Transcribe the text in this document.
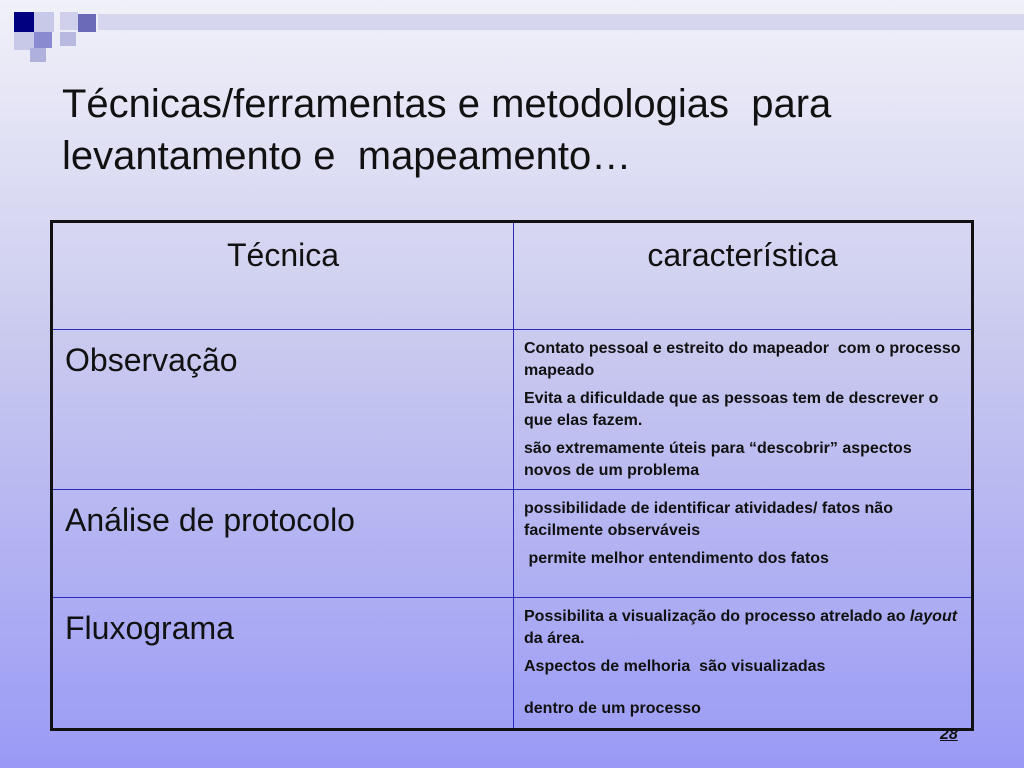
Técnicas/ferramentas e metodologias  para
levantamento e  mapeamento…
Técnica	característica

Observação	Contato pessoal e estreito do mapeador  com o processo mapeado

Evita a dificuldade que as pessoas tem de descrever o que elas fazem.

são extremamente úteis para “descobrir” aspectos novos de um problema

Análise de protocolo	possibilidade de identificar atividades/ fatos não facilmente observáveis

permite melhor entendimento dos fatos

Fluxograma	Possibilita a visualização do processo atrelado ao layout da área.

Aspectos de melhoria  são visualizadas

dentro de um processo

28
